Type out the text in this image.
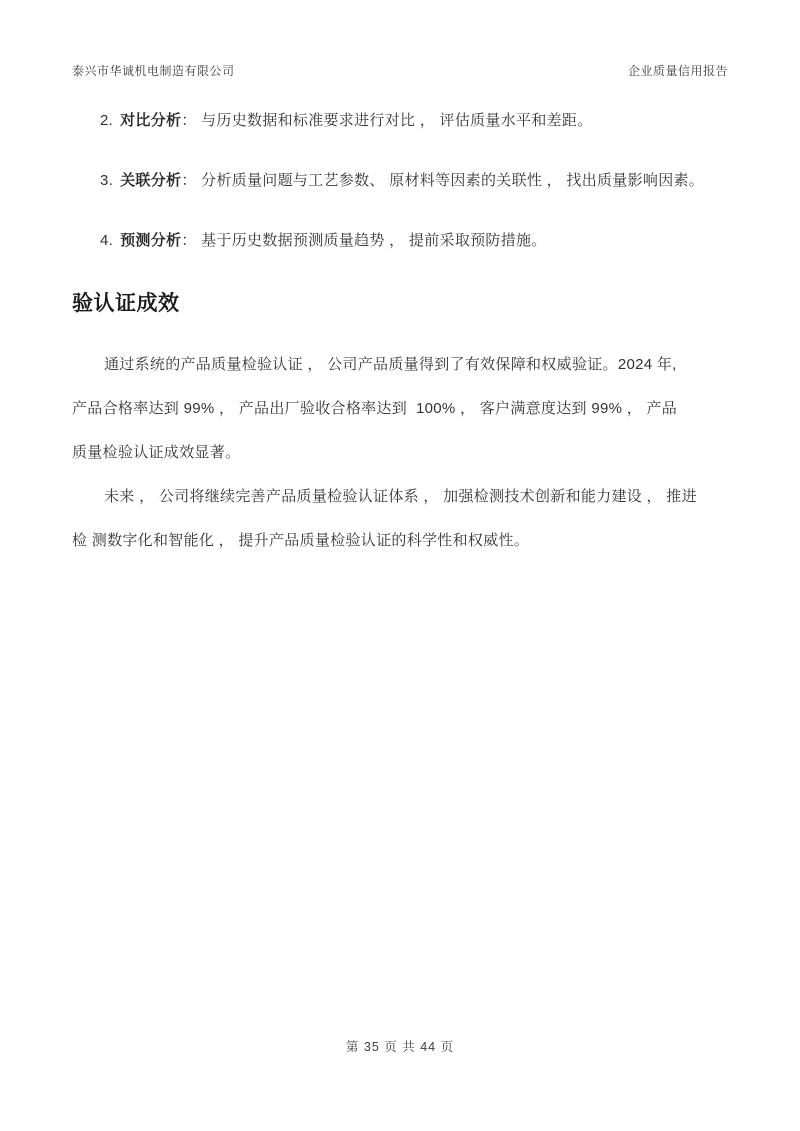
泰兴市华诚机电制造有限公司	企业质量信用报告
2. 对比分析： 与历史数据和标准要求进行对比 ， 评估质量水平和差距。
3. 关联分析： 分析质量问题与工艺参数、 原材料等因素的关联性 ， 找出质量影响因素。
4. 预测分析： 基于历史数据预测质量趋势 ， 提前采取预防措施。
验认证成效
通过系统的产品质量检验认证 ， 公司产品质量得到了有效保障和权威验证。2024 年,
产品合格率达到 99% ， 产品出厂验收合格率达到  100% ， 客户满意度达到 99% ， 产品
质量检验认证成效显著。
未来 ， 公司将继续完善产品质量检验认证体系 ， 加强检测技术创新和能力建设 ， 推进
检 测数字化和智能化 ， 提升产品质量检验认证的科学性和权威性。
第 35 页 共 44 页
